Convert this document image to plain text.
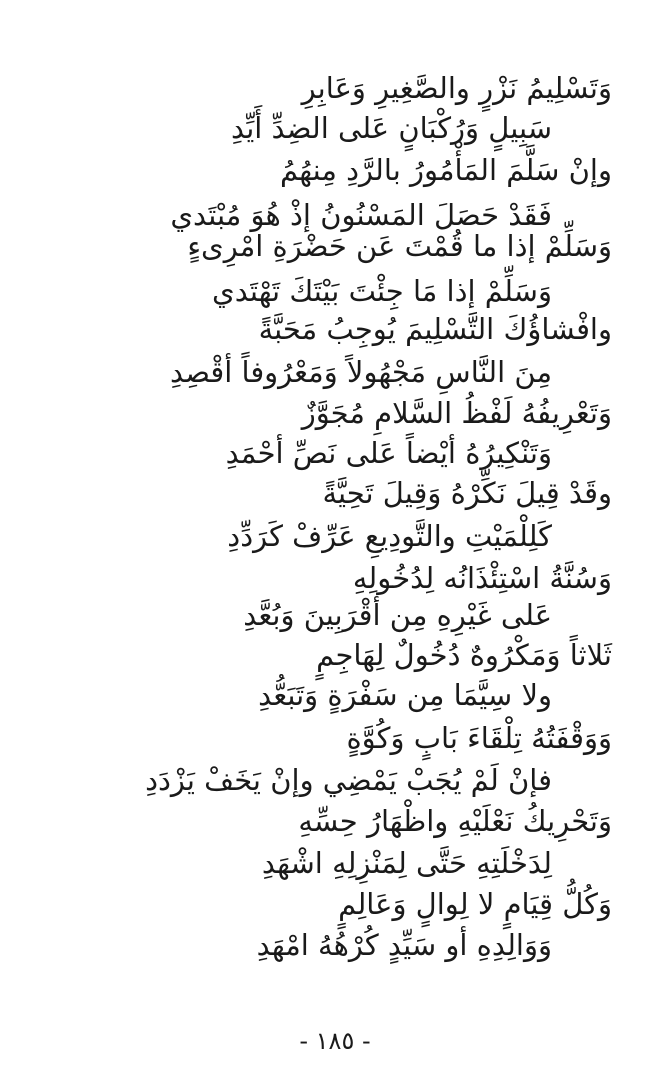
وَتَسْلِيمُ نَزْرٍ والصَّغِيرِ وَعَابِرِ
سَبِيلٍ وَرُكْبَانٍ عَلى الضِدِّ أَيِّدِ
وإنْ سَلَّمَ المَأْمُورُ بالرَّدِ مِنهُمُ
فَقَدْ حَصَلَ المَسْنُونُ إذْ هُوَ مُبْتَدي
وَسَلِّمْ إذا ما قُمْتَ عَن حَضْرَةِ امْرِىءٍ
وَسَلِّمْ إذا مَا جِئْتَ بَيْتَكَ تَهْتَدي
وافْشاؤُكَ التَّسْلِيمَ يُوجِبُ مَحَبَّةً
مِنَ النَّاسِ مَجْهُولاً وَمَعْرُوفاً أقْصِدِ
وَتَعْرِيفُهُ لَفْظُ السَّلامِ مُجَوَّزٌ
وَتَنْكِيرُهُ أيْضاً عَلى نَصِّ أحْمَدِ
وقَدْ قِيلَ نَكِّرْهُ وَقِيلَ تَحِيَّةً
كَلِلْمَيْتِ والتَّودِيعِ عَرِّفْ كَرَدِّدِ
وَسُنَّةُ اسْتِئْذَانُه لِدُخُولِهِ
عَلى غَيْرِهِ مِن أقْرَبِينَ وَبُعَّدِ
ثَلاثاً وَمَكْرُوهٌ دُخُولٌ لِهَاجِمٍ
ولا سِيَّمَا مِن سَفْرَةٍ وَتَبَعُّدِ
وَوَقْفَتُهُ تِلْقَاءَ بَابٍ وَكُوَّةٍ
فإنْ لَمْ يُجَبْ يَمْضِي وإنْ يَخَفْ يَزْدَدِ
وَتَحْرِيكُ نَعْلَيْهِ واظْهَارُ حِسِّهِ
لِدَخْلَتِهِ حَتَّى لِمَنْزِلِهِ اشْهَدِ
وَكُلُّ قِيَامٍ لا لِوالٍ وَعَالِمٍ
وَوَالِدِهِ أو سَيِّدٍ كُرْهُهُ امْهَدِ
- ١٨٥ -
